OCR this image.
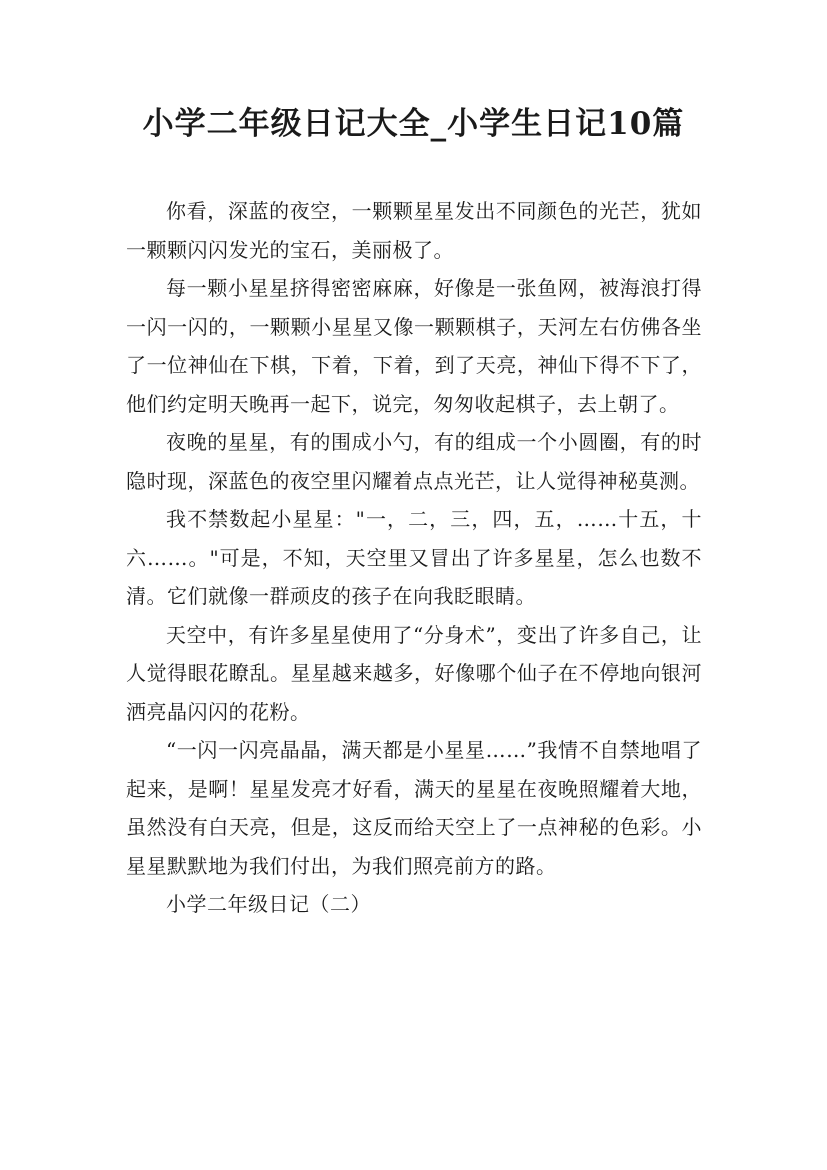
小学二年级日记大全_小学生日记10篇

你看，深蓝的夜空，一颗颗星星发出不同颜色的光芒，犹如一颗颗闪闪发光的宝石，美丽极了。

每一颗小星星挤得密密麻麻，好像是一张鱼网，被海浪打得一闪一闪的，一颗颗小星星又像一颗颗棋子，天河左右仿佛各坐了一位神仙在下棋，下着，下着，到了天亮，神仙下得不下了，他们约定明天晚再一起下，说完，匆匆收起棋子，去上朝了。

夜晚的星星，有的围成小勺，有的组成一个小圆圈，有的时隐时现，深蓝色的夜空里闪耀着点点光芒，让人觉得神秘莫测。

我不禁数起小星星："一，二，三，四，五，……十五，十六……。"可是，不知，天空里又冒出了许多星星，怎么也数不清。它们就像一群顽皮的孩子在向我眨眼睛。

天空中，有许多星星使用了“分身术”，变出了许多自己，让人觉得眼花瞭乱。星星越来越多，好像哪个仙子在不停地向银河洒亮晶闪闪的花粉。

“一闪一闪亮晶晶，满天都是小星星……”我情不自禁地唱了起来，是啊！星星发亮才好看，满天的星星在夜晚照耀着大地，虽然没有白天亮，但是，这反而给天空上了一点神秘的色彩。小星星默默地为我们付出，为我们照亮前方的路。

小学二年级日记（二）
